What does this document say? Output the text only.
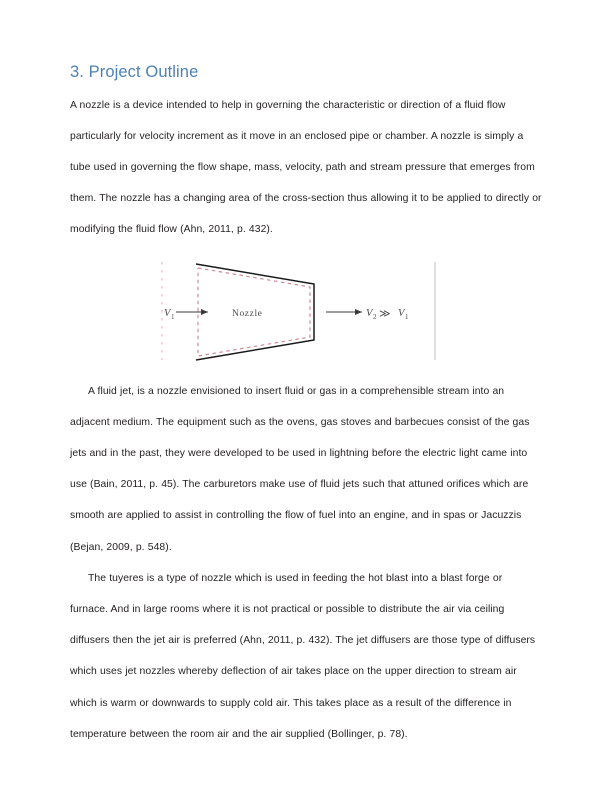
3. Project Outline

A nozzle is a device intended to help in governing the characteristic or direction of a fluid flow particularly for velocity increment as it move in an enclosed pipe or chamber. A nozzle is simply a tube used in governing the flow shape, mass, velocity, path and stream pressure that emerges from them. The nozzle has a changing area of the cross-section thus allowing it to be applied to directly or modifying the fluid flow (Ahn, 2011, p. 432).

V 1	Nozzle	V 2 ≫ V 1

A fluid jet, is a nozzle envisioned to insert fluid or gas in a comprehensible stream into an adjacent medium. The equipment such as the ovens, gas stoves and barbecues consist of the gas jets and in the past, they were developed to be used in lightning before the electric light came into use (Bain, 2011, p. 45). The carburetors make use of fluid jets such that attuned orifices which are smooth are applied to assist in controlling the flow of fuel into an engine, and in spas or Jacuzzis (Bejan, 2009, p. 548).

The tuyeres is a type of nozzle which is used in feeding the hot blast into a blast forge or furnace. And in large rooms where it is not practical or possible to distribute the air via ceiling diffusers then the jet air is preferred (Ahn, 2011, p. 432). The jet diffusers are those type of diffusers which uses jet nozzles whereby deflection of air takes place on the upper direction to stream air which is warm or downwards to supply cold air. This takes place as a result of the difference in temperature between the room air and the air supplied (Bollinger, p. 78).
